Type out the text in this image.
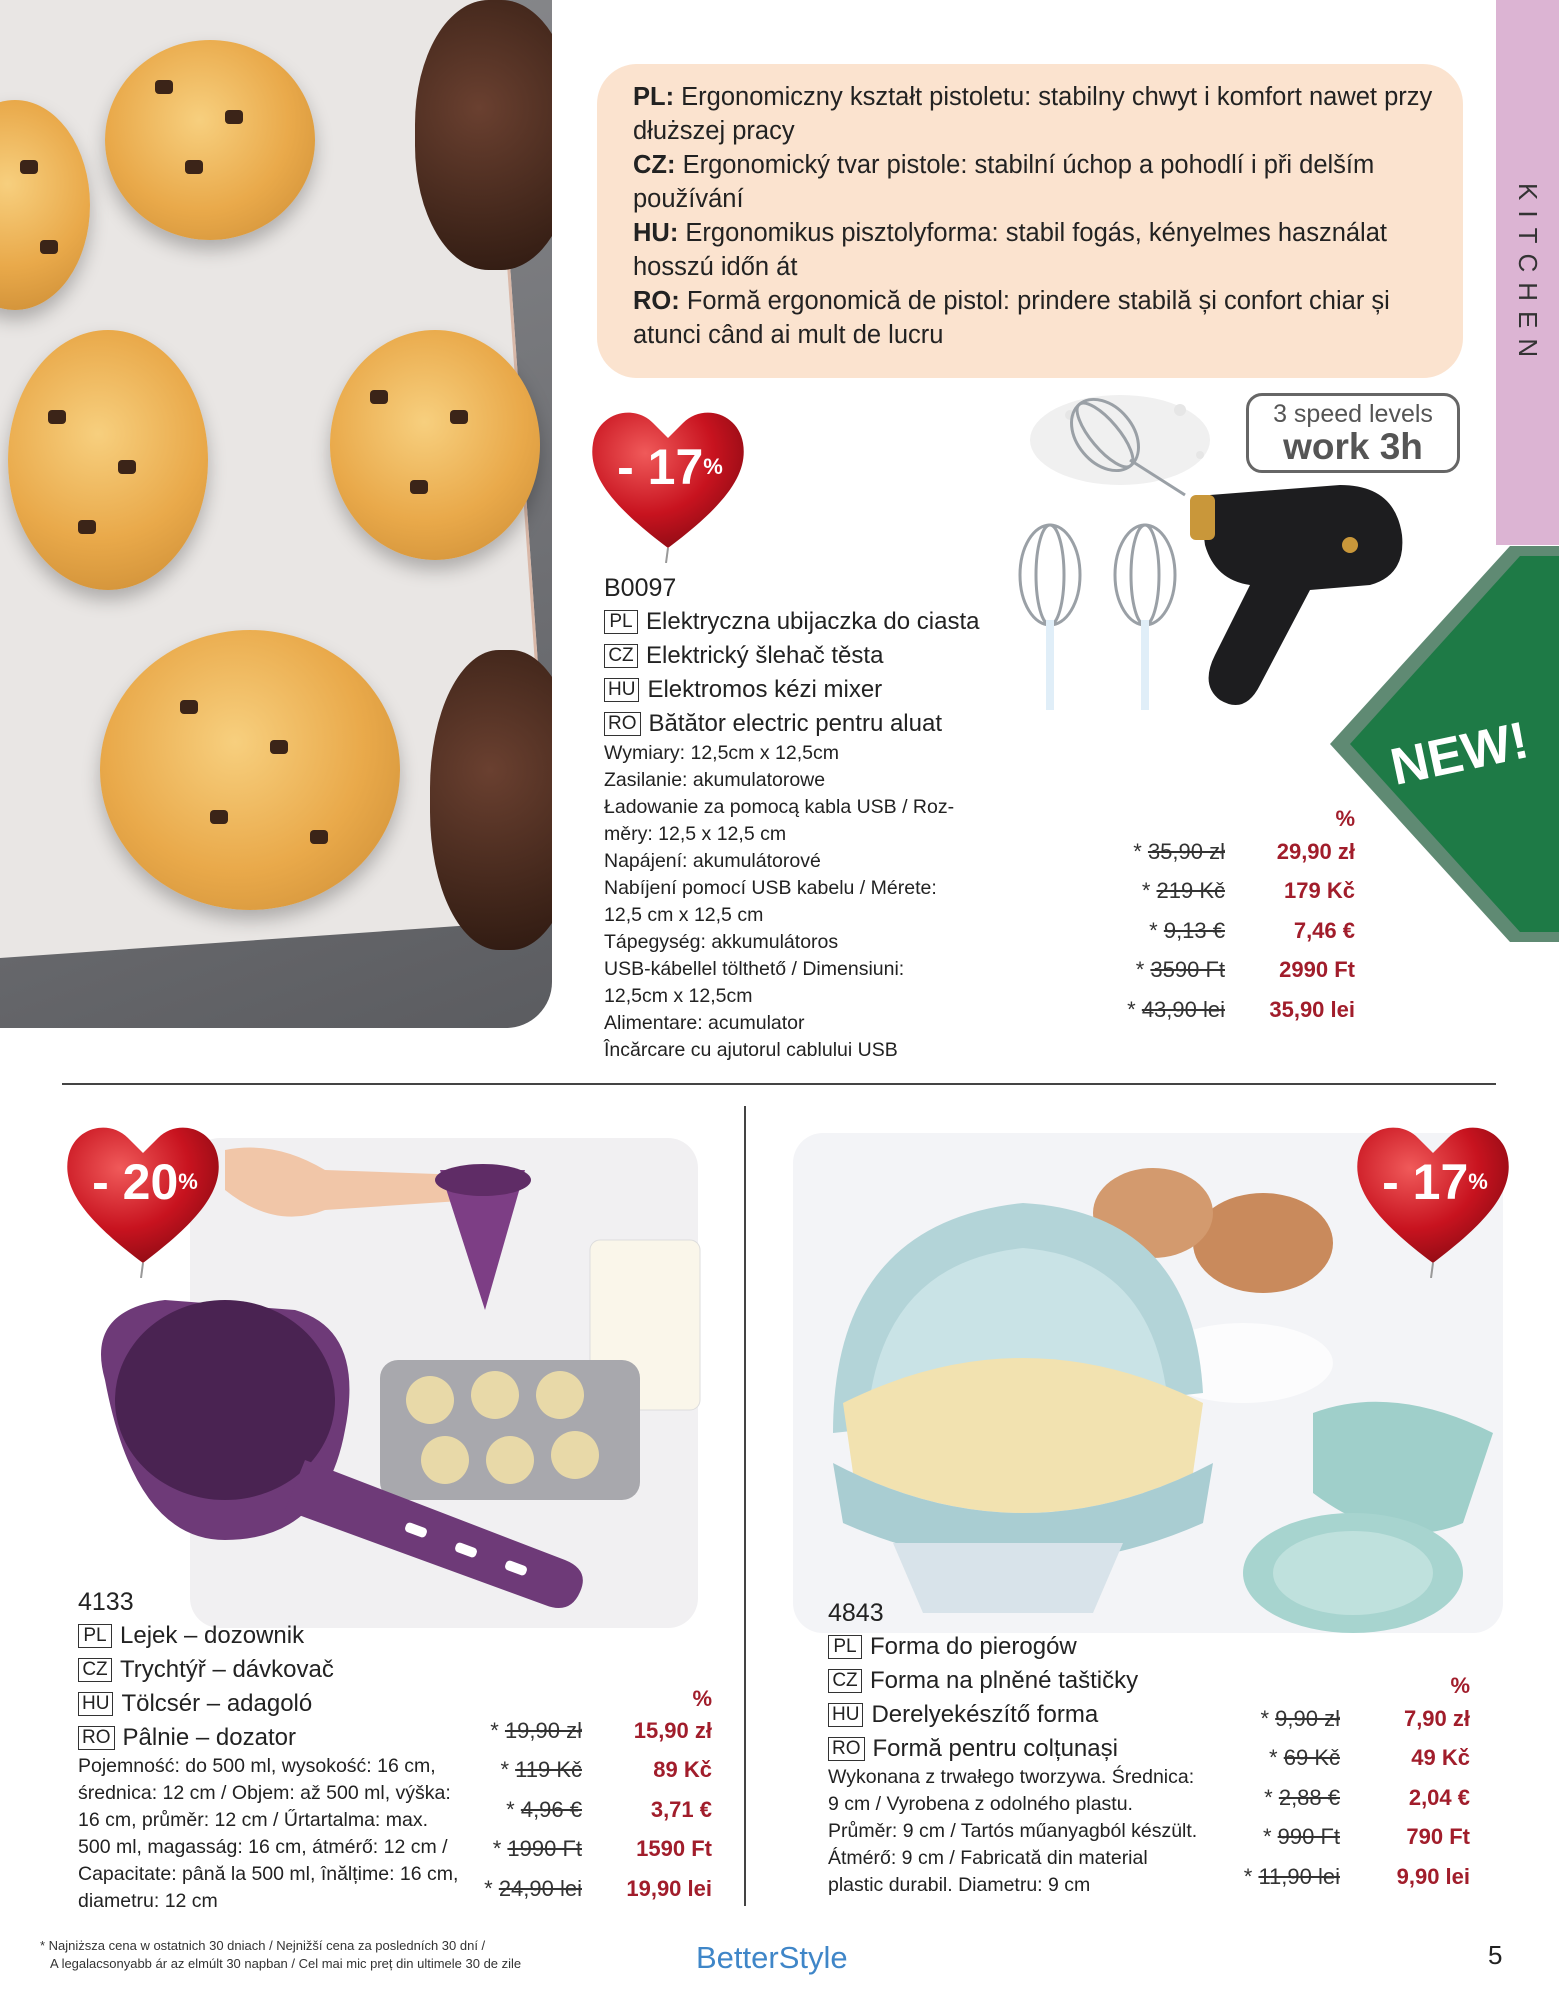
KITCHEN
NEW!
PL: Ergonomiczny kształt pistoletu: stabilny chwyt i komfort nawet przy dłuższej pracy
CZ: Ergonomický tvar pistole: stabilní úchop a pohodlí i při delším používání
HU: Ergonomikus pisztolyforma: stabil fogás, kényelmes használat hosszú időn át
RO: Formă ergonomică de pistol: prindere stabilă și confort chiar și atunci când ai mult de lucru
3 speed levels
work 3h
- 17%
B0097
PL Elektryczna ubijaczka do ciasta
CZ Elektrický šlehač těsta
HU Elektromos kézi mixer
RO Bătător electric pentru aluat
Wymiary: 12,5cm x 12,5cm
Zasilanie: akumulatorowe
Ładowanie za pomocą kabla USB / Roz-
měry: 12,5 x 12,5 cm
Napájení: akumulátorové
Nabíjení pomocí USB kabelu / Mérete:
12,5 cm x 12,5 cm
Tápegység: akkumulátoros
USB-kábellel tölthető / Dimensiuni:
12,5cm x 12,5cm
Alimentare: acumulator
Încărcare cu ajutorul cablului USB
%
* 35,90 zł	29,90 zł
* 219 Kč	179 Kč
* 9,13 €	7,46 €
* 3590 Ft	2990 Ft
* 43,90 lei	35,90 lei
- 20%
4133
PL Lejek – dozownik
CZ Trychtýř – dávkovač
HU Tölcsér – adagoló
RO Pâlnie – dozator
Pojemność: do 500 ml, wysokość: 16 cm,
średnica: 12 cm / Objem: až 500 ml, výška:
16 cm, průměr: 12 cm / Űrtartalma: max.
500 ml, magasság: 16 cm, átmérő: 12 cm /
Capacitate: până la 500 ml, înălțime: 16 cm,
diametru: 12 cm
%
* 19,90 zł	15,90 zł
* 119 Kč	89 Kč
* 4,96 €	3,71 €
* 1990 Ft	1590 Ft
* 24,90 lei	19,90 lei
- 17%
4843
PL Forma do pierogów
CZ Forma na plněné taštičky
HU Derelyekészítő forma
RO Formă pentru colțunași
Wykonana z trwałego tworzywa. Średnica:
9 cm / Vyrobena z odolného plastu.
Průměr: 9 cm / Tartós műanyagból készült.
Átmérő: 9 cm / Fabricată din material
plastic durabil. Diametru: 9 cm
%
* 9,90 zł	7,90 zł
* 69 Kč	49 Kč
* 2,88 €	2,04 €
* 990 Ft	790 Ft
* 11,90 lei	9,90 lei
* Najniższa cena w ostatnich 30 dniach / Nejnižší cena za posledních 30 dní /
A legalacsonyabb ár az elmúlt 30 napban / Cel mai mic preț din ultimele 30 de zile	BetterStyle	5
